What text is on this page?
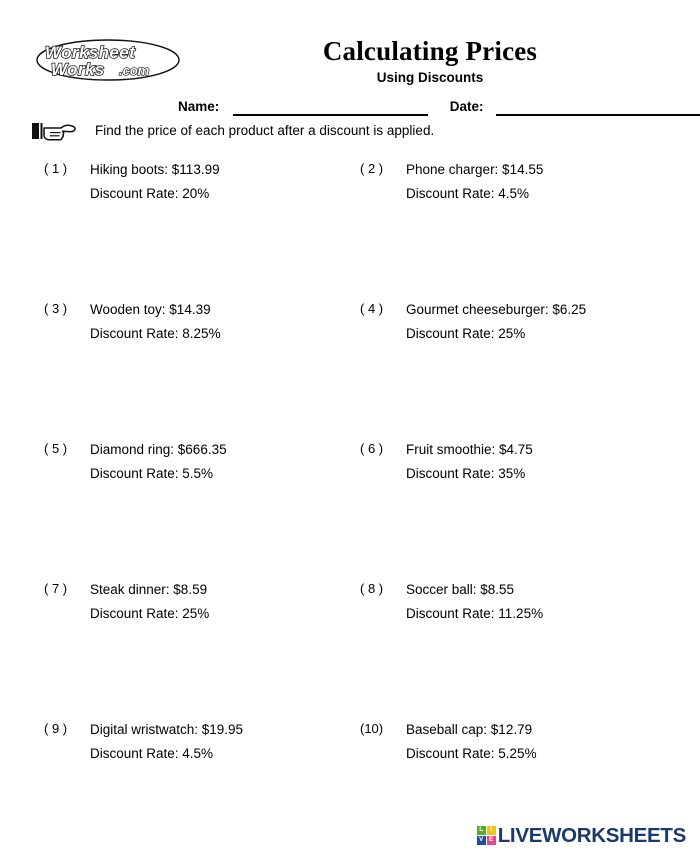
Worksheet
Works .com
Calculating Prices
Using Discounts
Name:	Date:
Find the price of each product after a discount is applied.
( 1 )	Hiking boots: $113.99
Discount Rate: 20%
( 2 )	Phone charger: $14.55
Discount Rate: 4.5%
( 3 )	Wooden toy: $14.39
Discount Rate: 8.25%
( 4 )	Gourmet cheeseburger: $6.25
Discount Rate: 25%
( 5 )	Diamond ring: $666.35
Discount Rate: 5.5%
( 6 )	Fruit smoothie: $4.75
Discount Rate: 35%
( 7 )	Steak dinner: $8.59
Discount Rate: 25%
( 8 )	Soccer ball: $8.55
Discount Rate: 11.25%
( 9 )	Digital wristwatch: $19.95
Discount Rate: 4.5%
(10)	Baseball cap: $12.79
Discount Rate: 5.25%
L	I
V E LIVEWORKSHEETS
